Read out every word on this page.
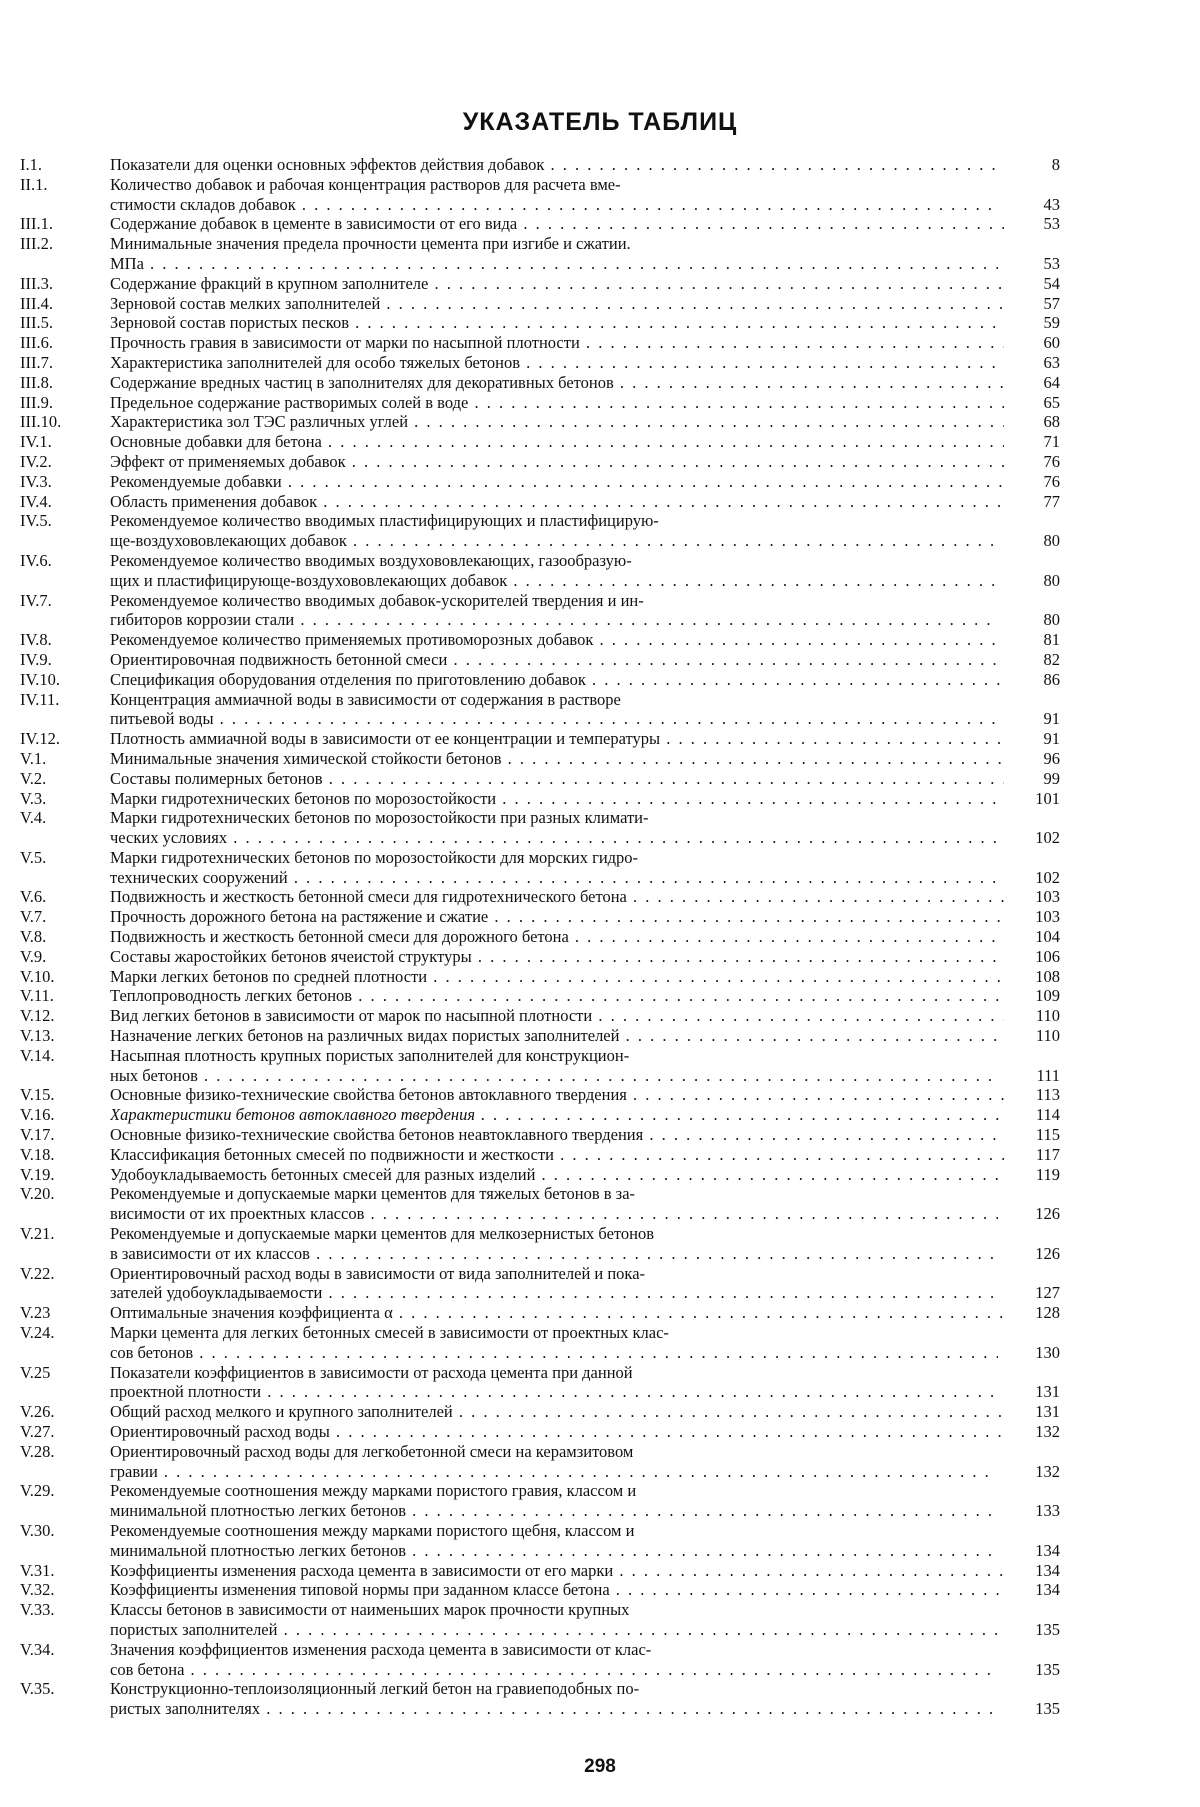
УКАЗАТЕЛЬ ТАБЛИЦ
I.1.	Показатели для оценки основных эффектов действия добавок . . .	8
II.1.	Количество добавок и рабочая концентрация растворов для расчета вме-
стимости складов добавок . . .	43
III.1.	Содержание добавок в цементе в зависимости от его вида . . .	53
III.2.	Минимальные значения предела прочности цемента при изгибе и сжатии.
МПа . . .	53
III.3.	Содержание фракций в крупном заполнителе . . .	54
III.4.	Зерновой состав мелких заполнителей . . .	57
III.5.	Зерновой состав пористых песков . . .	59
III.6.	Прочность гравия в зависимости от марки по насыпной плотности . . .	60
III.7.	Характеристика заполнителей для особо тяжелых бетонов . . .	63
III.8.	Содержание вредных частиц в заполнителях для декоративных бетонов . . .	64
III.9.	Предельное содержание растворимых солей в воде . . .	65
III.10.	Характеристика зол ТЭС различных углей . . .	68
IV.1.	Основные добавки для бетона . . .	71
IV.2.	Эффект от применяемых добавок . . .	76
IV.3.	Рекомендуемые добавки . . .	76
IV.4.	Область применения добавок . . .	77
IV.5.	Рекомендуемое количество вводимых пластифицирующих и пластифицирую-
ще-воздухововлекающих добавок . . .	80
IV.6.	Рекомендуемое количество вводимых воздухововлекающих, газообразую-
щих и пластифицирующе-воздухововлекающих добавок . . .	80
IV.7.	Рекомендуемое количество вводимых добавок-ускорителей твердения и ин-
гибиторов коррозии стали . . .	80
IV.8.	Рекомендуемое количество применяемых противоморозных добавок . . .	81
IV.9.	Ориентировочная подвижность бетонной смеси . . .	82
IV.10.	Спецификация оборудования отделения по приготовлению добавок . . .	86
IV.11.	Концентрация аммиачной воды в зависимости от содержания в растворе
питьевой воды . . .	91
IV.12.	Плотность аммиачной воды в зависимости от ее концентрации и температуры . . .	91
V.1.	Минимальные значения химической стойкости бетонов . . .	96
V.2.	Составы полимерных бетонов . . .	99
V.3.	Марки гидротехнических бетонов по морозостойкости . . .	101
V.4.	Марки гидротехнических бетонов по морозостойкости при разных климати-
ческих условиях . . .	102
V.5.	Марки гидротехнических бетонов по морозостойкости для морских гидро-
технических сооружений . . .	102
V.6.	Подвижность и жесткость бетонной смеси для гидротехнического бетона . . .	103
V.7.	Прочность дорожного бетона на растяжение и сжатие . . .	103
V.8.	Подвижность и жесткость бетонной смеси для дорожного бетона . . .	104
V.9.	Составы жаростойких бетонов ячеистой структуры . . .	106
V.10.	Марки легких бетонов по средней плотности . . .	108
V.11.	Теплопроводность легких бетонов . . .	109
V.12.	Вид легких бетонов в зависимости от марок по насыпной плотности . . .	110
V.13.	Назначение легких бетонов на различных видах пористых заполнителей . . .	110
V.14.	Насыпная плотность крупных пористых заполнителей для конструкцион-
ных бетонов . . .	111
V.15.	Основные физико-технические свойства бетонов автоклавного твердения . . .	113
V.16.	Характеристики бетонов автоклавного твердения . . .	114
V.17.	Основные физико-технические свойства бетонов неавтоклавного твердения . . .	115
V.18.	Классификация бетонных смесей по подвижности и жесткости . . .	117
V.19.	Удобоукладываемость бетонных смесей для разных изделий . . .	119
V.20.	Рекомендуемые и допускаемые марки цементов для тяжелых бетонов в за-
висимости от их проектных классов . . .	126
V.21.	Рекомендуемые и допускаемые марки цементов для мелкозернистых бетонов
в зависимости от их классов . . .	126
V.22.	Ориентировочный расход воды в зависимости от вида заполнителей и пока-
зателей удобоукладываемости . . .	127
V.23	Оптимальные значения коэффициента α . . .	128
V.24.	Марки цемента для легких бетонных смесей в зависимости от проектных клас-
сов бетонов . . .	130
V.25	Показатели коэффициентов в зависимости от расхода цемента при данной
проектной плотности . . .	131
V.26.	Общий расход мелкого и крупного заполнителей . . .	131
V.27.	Ориентировочный расход воды . . .	132
V.28.	Ориентировочный расход воды для легкобетонной смеси на керамзитовом
гравии . . .	132
V.29.	Рекомендуемые соотношения между марками пористого гравия, классом и
минимальной плотностью легких бетонов . . .	133
V.30.	Рекомендуемые соотношения между марками пористого щебня, классом и
минимальной плотностью легких бетонов . . .	134
V.31.	Коэффициенты изменения расхода цемента в зависимости от его марки . . .	134
V.32.	Коэффициенты изменения типовой нормы при заданном классе бетона . . .	134
V.33.	Классы бетонов в зависимости от наименьших марок прочности крупных
пористых заполнителей . . .	135
V.34.	Значения коэффициентов изменения расхода цемента в зависимости от клас-
сов бетона . . .	135
V.35.	Конструкционно-теплоизоляционный легкий бетон на гравиеподобных по-
ристых заполнителях . . .	135
298
